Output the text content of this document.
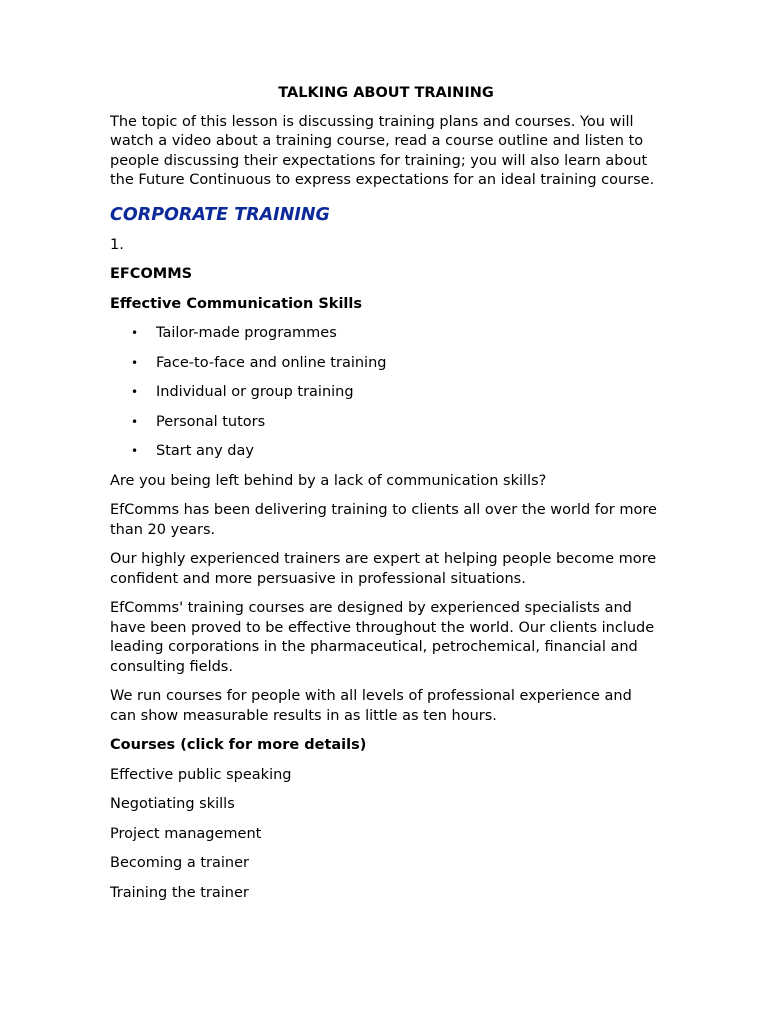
TALKING ABOUT TRAINING

The topic of this lesson is discussing training plans and courses. You will watch a video about a training course, read a course outline and listen to people discussing their expectations for training; you will also learn about the Future Continuous to express expectations for an ideal training course.

CORPORATE TRAINING

1.

EFCOMMS

Effective Communication Skills

• Tailor-made programmes
• Face-to-face and online training
• Individual or group training
• Personal tutors
• Start any day

Are you being left behind by a lack of communication skills?

EfComms has been delivering training to clients all over the world for more than 20 years.

Our highly experienced trainers are expert at helping people become more confident and more persuasive in professional situations.

EfComms' training courses are designed by experienced specialists and have been proved to be effective throughout the world. Our clients include leading corporations in the pharmaceutical, petrochemical, financial and consulting fields.

We run courses for people with all levels of professional experience and can show measurable results in as little as ten hours.

Courses (click for more details)

Effective public speaking

Negotiating skills

Project management

Becoming a trainer

Training the trainer
